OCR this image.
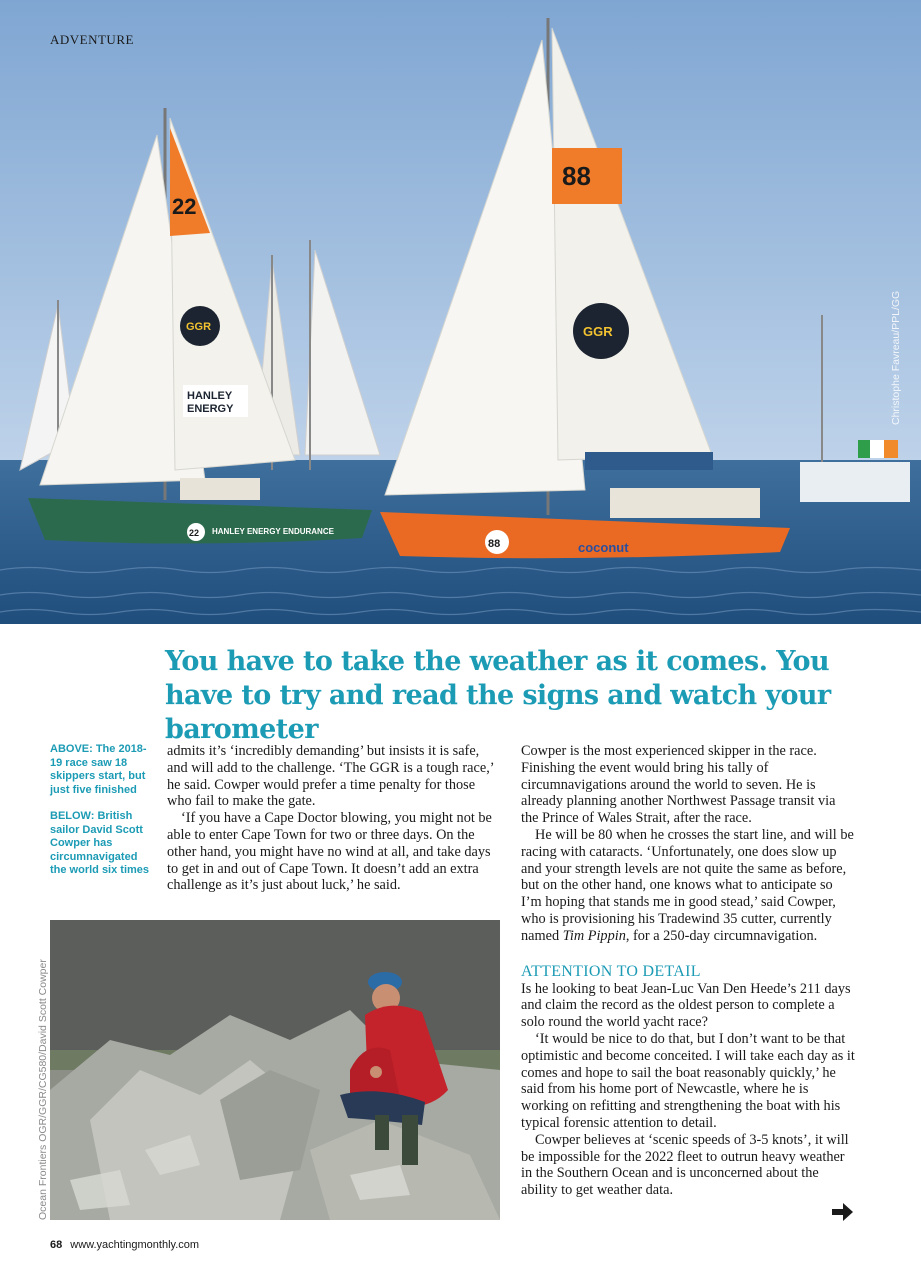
22
GGR
HANLEY
ENERGY
22 HANLEY ENERGY ENDURANCE
88
GGR
88	coconut
ADVENTURE
Christophe Favreau/PPL/GG
You have to take the weather as it comes. You have to try and read the signs and watch your barometer

ABOVE: The 2018-19 race saw 18 skippers start, but just five finished

BELOW: British sailor David Scott Cowper has circumnavigated the world six times

admits it’s ‘incredibly demanding’ but insists it is safe, and will add to the challenge. ‘The GGR is a tough race,’ he said. Cowper would prefer a time penalty for those who fail to make the gate.

‘If you have a Cape Doctor blowing, you might not be able to enter Cape Town for two or three days. On the other hand, you might have no wind at all, and take days to get in and out of Cape Town. It doesn’t add an extra challenge as it’s just about luck,’ he said.

Ocean Frontiers OGR/GGR/CG580/David Scott Cowper

Cowper is the most experienced skipper in the race. Finishing the event would bring his tally of circumnavigations around the world to seven. He is already planning another Northwest Passage transit via the Prince of Wales Strait, after the race.

He will be 80 when he crosses the start line, and will be racing with cataracts. ‘Unfortunately, one does slow up and your strength levels are not quite the same as before, but on the other hand, one knows what to anticipate so I’m hoping that stands me in good stead,’ said Cowper, who is provisioning his Tradewind 35 cutter, currently named Tim Pippin, for a 250-day circumnavigation.

ATTENTION TO DETAIL

Is he looking to beat Jean-Luc Van Den Heede’s 211 days and claim the record as the oldest person to complete a solo round the world yacht race?

‘It would be nice to do that, but I don’t want to be that optimistic and become conceited. I will take each day as it comes and hope to sail the boat reasonably quickly,’ he said from his home port of Newcastle, where he is working on refitting and strengthening the boat with his typical forensic attention to detail.

Cowper believes at ‘scenic speeds of 3-5 knots’, it will be impossible for the 2022 fleet to outrun heavy weather in the Southern Ocean and is unconcerned about the ability to get weather data.

68 www.yachtingmonthly.com
